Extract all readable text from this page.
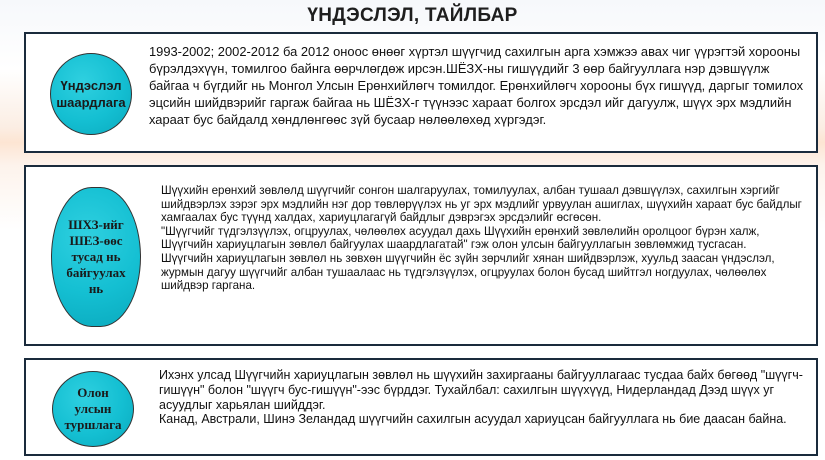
ҮНДЭСЛЭЛ, ТАЙЛБАР
Үндэслэл
шаардлага
1993-2002; 2002-2012 ба 2012 оноос өнөөг хүртэл шүүгчид сахилгын арга хэмжээ авах чиг үүрэгтэй хорооны бүрэлдэхүүн, томилгоо байнга өөрчлөгдөж ирсэн.ШЁЗХ-ны гишүүдийг 3 өөр байгууллага нэр дэвшүүлж байгаа ч бүгдийг нь Монгол Улсын Ерөнхийлөгч томилдог. Ерөнхийлөгч хорооны бүх гишүүд, даргыг томилох эцсийн шийдвэрийг гаргаж байгаа нь ШЁЗХ-г түүнээс хараат болгох эрсдэл ийг дагуулж, шүүх эрх мэдлийн хараат бус байдалд хөндлөнгөөс зүй бусаар нөлөөлөхөд хүргэдэг.
ШХЗ-ийг
ШЕЗ-өөс
тусад нь
байгуулах
нь

Шүүхийн ерөнхий зөвлөлд шүүгчийг сонгон шалгаруулах, томилуулах, албан тушаал дэвшүүлэх, сахилгын хэргийг шийдвэрлэх зэрэг эрх мэдлийн нэг дор төвлөрүүлэх нь уг эрх мэдлийг урвуулан ашиглах, шүүхийн хараат бус байдлыг хамгаалах бус түүнд халдах, хариуцлагагүй байдлыг дэврэгэх эрсдэлийг өсгөсөн.

"Шүүгчийг түдгэлзүүлэх, огцруулах, чөлөөлөх асуудал дахь Шүүхийн ерөнхий зөвлөлийн оролцоог бүрэн халж, Шүүгчийн хариуцлагын зөвлөл байгуулах шаардлагатай" гэж олон улсын байгууллагын зөвлөмжид тусгасан.

Шүүгчийн хариуцлагын зөвлөл нь зөвхөн шүүгчийн ёс зүйн зөрчлийг хянан шийдвэрлэж, хуульд заасан үндэслэл, журмын дагуу шүүгчийг албан тушаалаас нь түдгэлзүүлэх, огцруулах болон бусад шийтгэл ногдуулах, чөлөөлөх шийдвэр гаргана.

Олон
улсын
туршлага

Ихэнх улсад Шүүгчийн хариуцлагын зөвлөл нь шүүхийн захиргааны байгууллагаас тусдаа байх бөгөөд "шүүгч-гишүүн" болон "шүүгч бус-гишүүн"-ээс бүрддэг. Тухайлбал: сахилгын шүүхүүд, Нидерландад Дээд шүүх уг асуудлыг харьялан шийддэг.

Канад, Австрали, Шинэ Зеландад шүүгчийн сахилгын асуудал хариуцсан байгууллага нь бие даасан байна.
